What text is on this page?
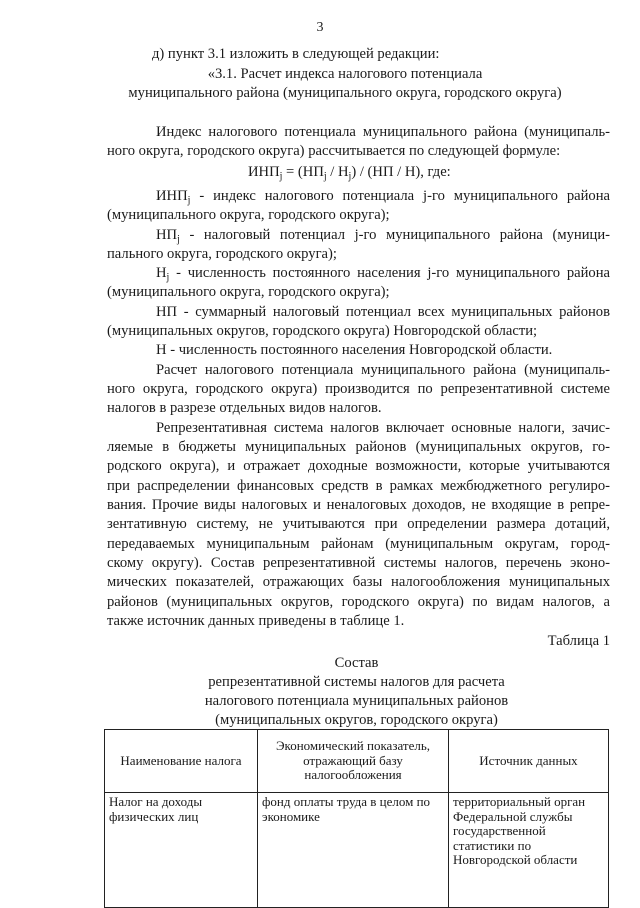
3
д) пункт 3.1 изложить в следующей редакции:
«3.1. Расчет индекса налогового потенциала
муниципального района (муниципального округа, городского округа)
Индекс налогового потенциала муниципального района (муниципаль-
ного округа, городского округа) рассчитывается по следующей формуле:
$ИНП_j = (НП_j / Н_j) / (НП / Н)$, где:
$ИНП_j$ - индекс налогового потенциала j-го муниципального района
(муниципального округа, городского округа);
$НП_j$ - налоговый потенциал j-го муниципального района (муници-
пального округа, городского округа);
$Н_j$ - численность постоянного населения j-го муниципального района
(муниципального округа, городского округа);
НП - суммарный налоговый потенциал всех муниципальных районов
(муниципальных округов, городского округа) Новгородской области;
Н - численность постоянного населения Новгородской области.
Расчет налогового потенциала муниципального района (муниципаль-
ного округа, городского округа) производится по репрезентативной системе
налогов в разрезе отдельных видов налогов.
Репрезентативная система налогов включает основные налоги, зачис-
ляемые в бюджеты муниципальных районов (муниципальных округов, го-
родского округа), и отражает доходные возможности, которые учитываются
при распределении финансовых средств в рамках межбюджетного регулиро-
вания. Прочие виды налоговых и неналоговых доходов, не входящие в репре-
зентативную систему, не учитываются при определении размера дотаций,
передаваемых муниципальным районам (муниципальным округам, город-
скому округу). Состав репрезентативной системы налогов, перечень эконо-
мических показателей, отражающих базы налогообложения муниципальных
районов (муниципальных округов, городского округа) по видам налогов, а
также источник данных приведены в таблице 1.
Таблица 1
Состав
репрезентативной системы налогов для расчета
налогового потенциала муниципальных районов
(муниципальных округов, городского округа)
Наименование налога	Экономический показатель, отражающий базу налогообложения	Источник данных
Налог на доходы физических лиц	фонд оплаты труда в целом по экономике	территориальный орган Федеральной службы государственной статистики по Новгородской области
